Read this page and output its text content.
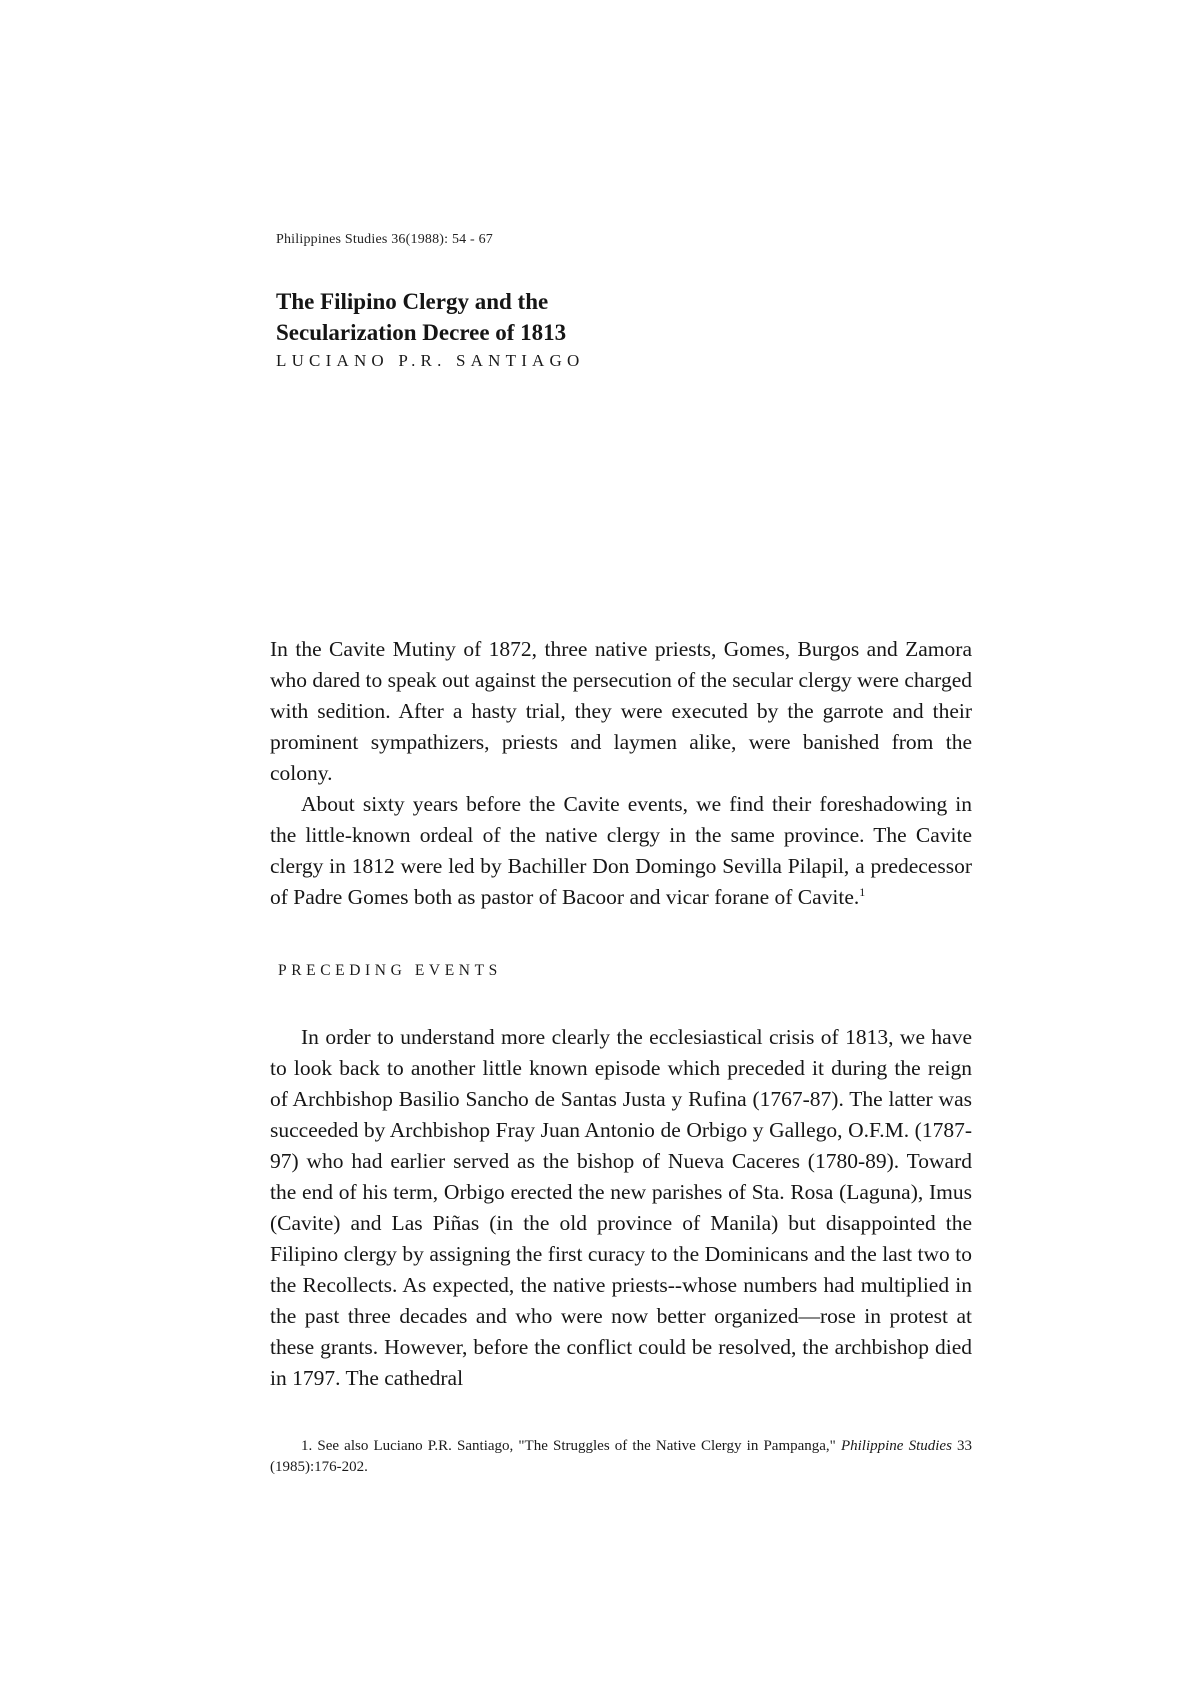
Philippines Studies 36(1988): 54 - 67
The Filipino Clergy and the
Secularization Decree of 1813
LUCIANO P.R. SANTIAGO

In the Cavite Mutiny of 1872, three native priests, Gomes, Burgos and Zamora who dared to speak out against the persecution of the secular clergy were charged with sedition. After a hasty trial, they were executed by the garrote and their prominent sympathizers, priests and laymen alike, were banished from the colony.

About sixty years before the Cavite events, we find their foreshadowing in the little-known ordeal of the native clergy in the same province. The Cavite clergy in 1812 were led by Bachiller Don Domingo Sevilla Pilapil, a predecessor of Padre Gomes both as pastor of Bacoor and vicar forane of Cavite.$^1$

PRECEDING EVENTS

In order to understand more clearly the ecclesiastical crisis of 1813, we have to look back to another little known episode which preceded it during the reign of Archbishop Basilio Sancho de Santas Justa y Rufina (1767-87). The latter was succeeded by Archbishop Fray Juan Antonio de Orbigo y Gallego, O.F.M. (1787-97) who had earlier served as the bishop of Nueva Caceres (1780-89). Toward the end of his term, Orbigo erected the new parishes of Sta. Rosa (Laguna), Imus (Cavite) and Las Piñas (in the old province of Manila) but disappointed the Filipino clergy by assigning the first curacy to the Dominicans and the last two to the Recollects. As expected, the native priests--whose numbers had multiplied in the past three decades and who were now better organized—rose in protest at these grants. However, before the conflict could be resolved, the archbishop died in 1797. The cathedral

1. See also Luciano P.R. Santiago, "The Struggles of the Native Clergy in Pampanga," Philippine Studies 33 (1985):176-202.
